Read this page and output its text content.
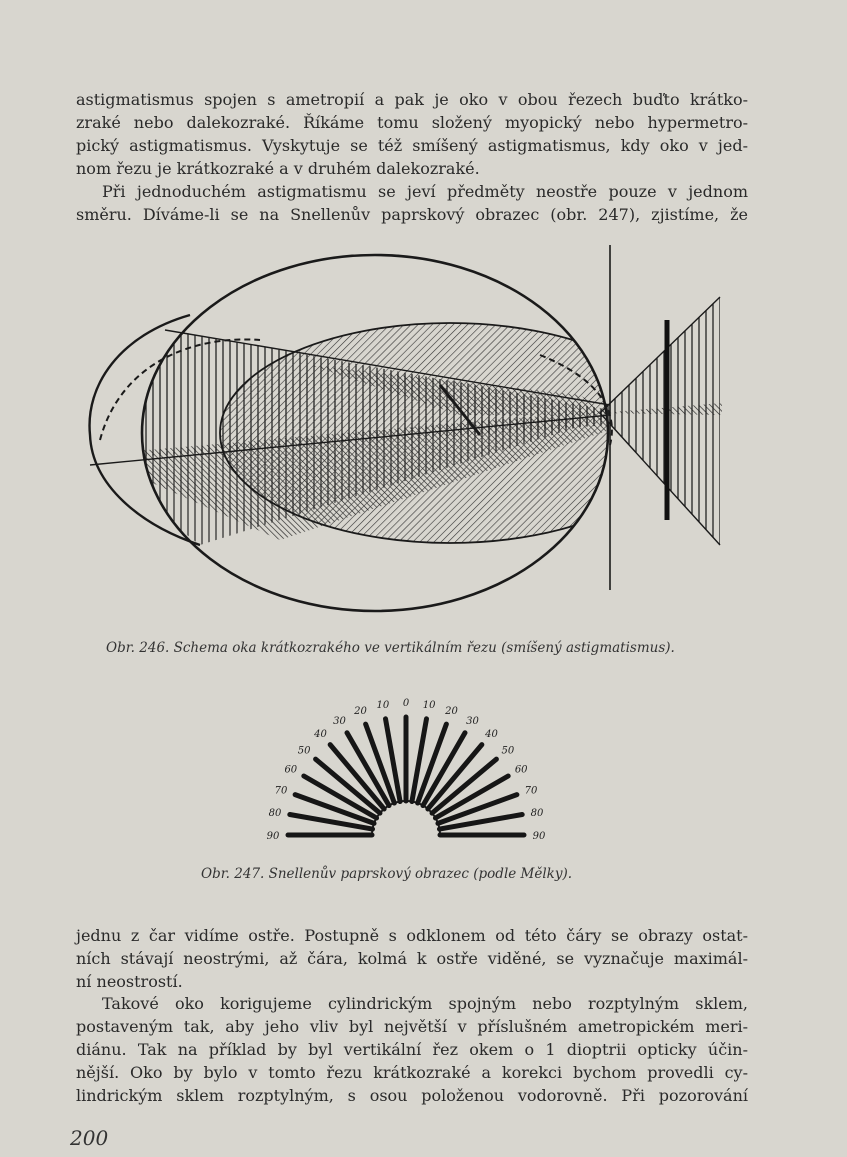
astigmatismus spojen s ametropií a pak je oko v obou řezech buďto krátko-
zraké nebo dalekozraké. Říkáme tomu složený myopický nebo hypermetro-
pický astigmatismus. Vyskytuje se též smíšený astigmatismus, kdy oko v jed-
nom řezu je krátkozraké a v druhém dalekozraké.
Při jednoduchém astigmatismu se jeví předměty neostře pouze v jednom
směru. Díváme-li se na Snellenův paprskový obrazec (obr. 247), zjistíme, že
Obr. 246. Schema oka krátkozrakého ve vertikálním řezu (smíšený astigmatismus).
90
80
70
60
50
40
30
20
10 0 10
20
30
40
50
60
70
80
90
Obr. 247. Snellenův paprskový obrazec (podle Mělky).
jednu z čar vidíme ostře. Postupně s odklonem od této čáry se obrazy ostat-
ních stávají neostrými, až čára, kolmá k ostře viděné, se vyznačuje maximál-
ní neostrostí.
Takové oko korigujeme cylindrickým spojným nebo rozptylným sklem,
postaveným tak, aby jeho vliv byl největší v příslušném ametropickém meri-
diánu. Tak na příklad by byl vertikální řez okem o 1 dioptrii opticky účin-
nější. Oko by bylo v tomto řezu krátkozraké a korekci bychom provedli cy-
lindrickým sklem rozptylným, s osou položenou vodorovně. Při pozorování
200
